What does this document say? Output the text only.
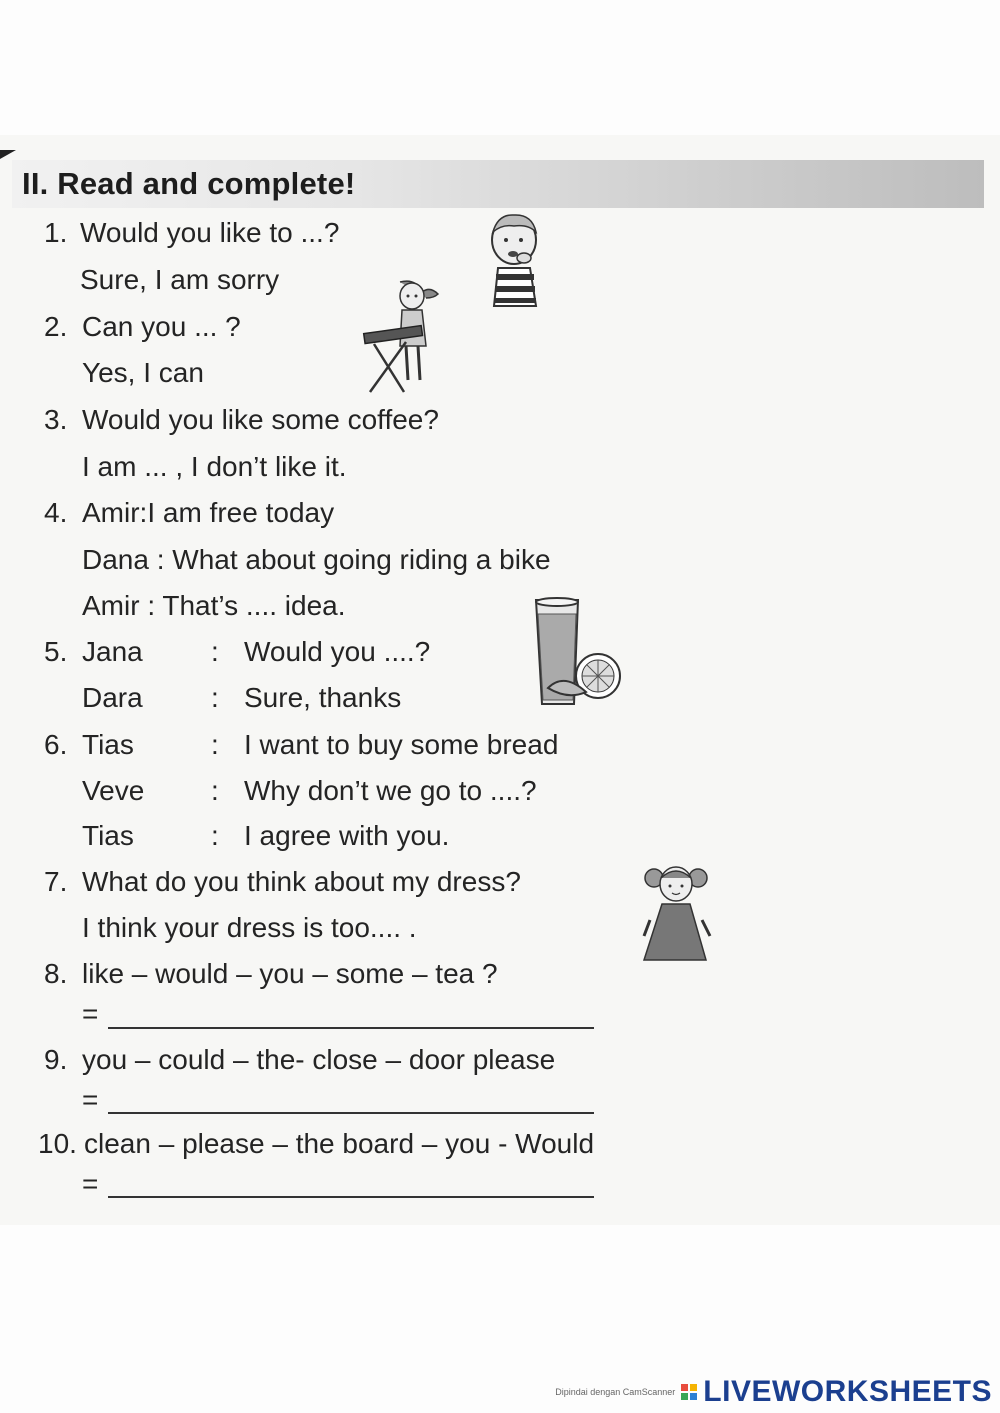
II. Read and complete!
1. Would you like to ...?
Sure, I am sorry
2. Can you ... ?
Yes, I can
3. Would you like some coffee?
I am ... , I don’t like it.
4. Amir:I am free today
Dana : What about going riding a bike
Amir : That’s .... idea.
5. Jana : Would you ....?
Dara : Sure, thanks
6. Tias	: I want to buy some bread
Veve : Why don’t we go to ....?
Tias	: I agree with you.
7. What do you think about my dress?
I think your dress is too.... .
8. like – would – you – some – tea ?
=
9. you – could – the- close – door please
=
10. clean – please – the board – you - Would
=
Dipindai dengan CamScanner LIVEWORKSHEETS
